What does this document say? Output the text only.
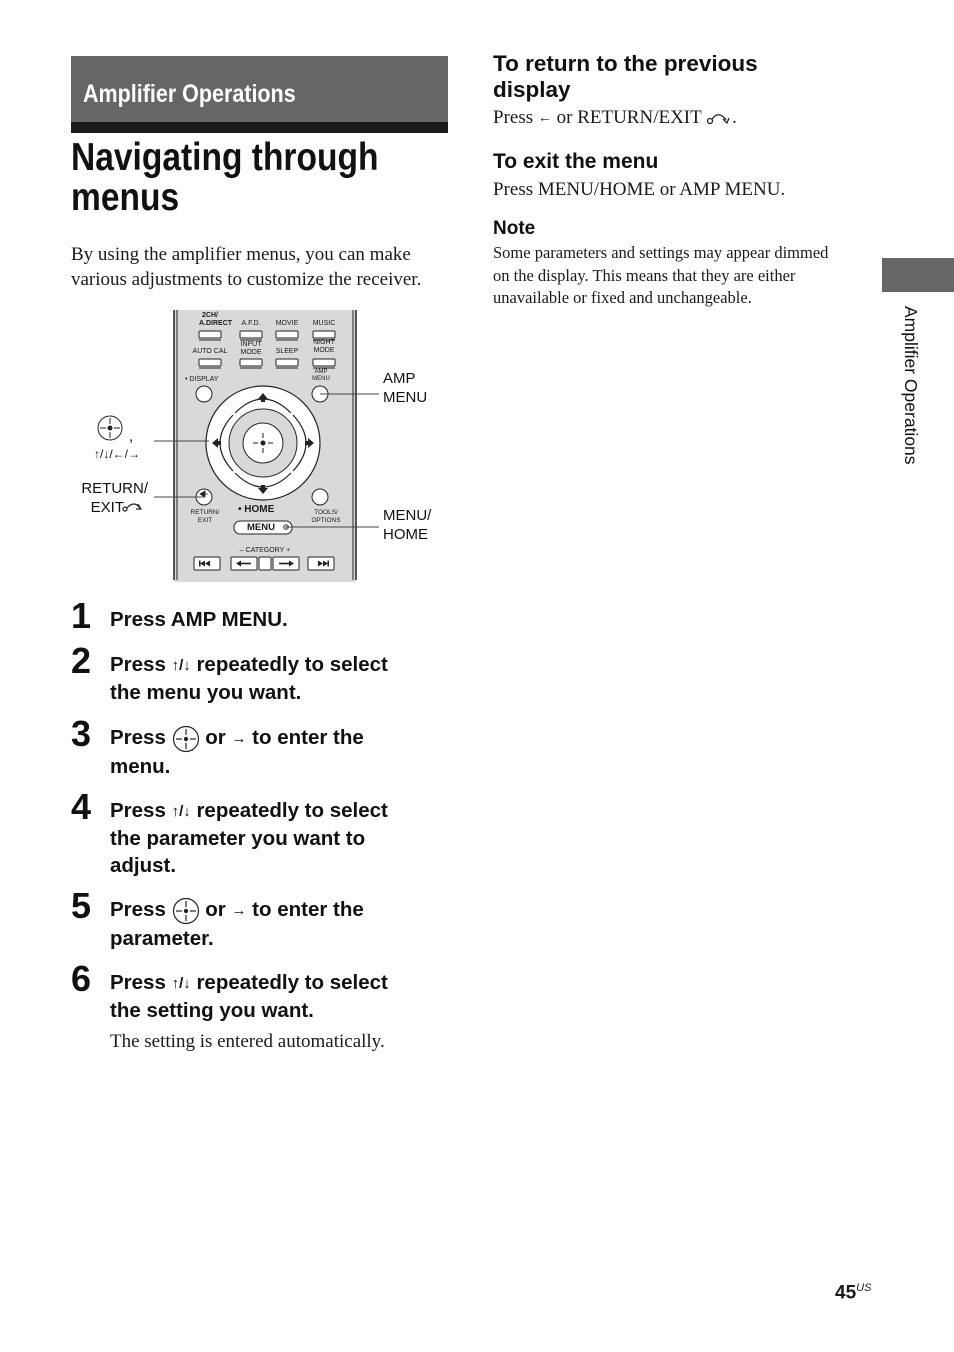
Amplifier Operations
Navigating through
menus
By using the amplifier menus, you can make
various adjustments to customize the receiver.
2CH/
A.DIRECT	A.F.D.	MOVIE	MUSIC
AUTO CAL
INPUT
MODE	SLEEP
NIGHT
MODE
• DISPLAY
AMP
MENU
RETURN/
EXIT
• HOME	TOOLS/
OPTIONS
MENU
– CATEGORY +
,
↑/↓/←/→
RETURN/
EXIT
AMP
MENU
MENU/
HOME
1 Press AMP MENU.
2 Press ↑/↓ repeatedly to select
the menu you want.
3 Press or → to enter the
menu.
4 Press ↑/↓ repeatedly to select
the parameter you want to
adjust.
5 Press or → to enter the
parameter.
6 Press ↑/↓ repeatedly to select
the setting you want.
The setting is entered automatically.
To return to the previous
display
Press ← or RETURN/EXIT .
To exit the menu
Press MENU/HOME or AMP MENU.
Note
Some parameters and settings may appear dimmed
on the display. This means that they are either
unavailable or fixed and unchangeable.
Amplifier Operations
$45^{US}$
